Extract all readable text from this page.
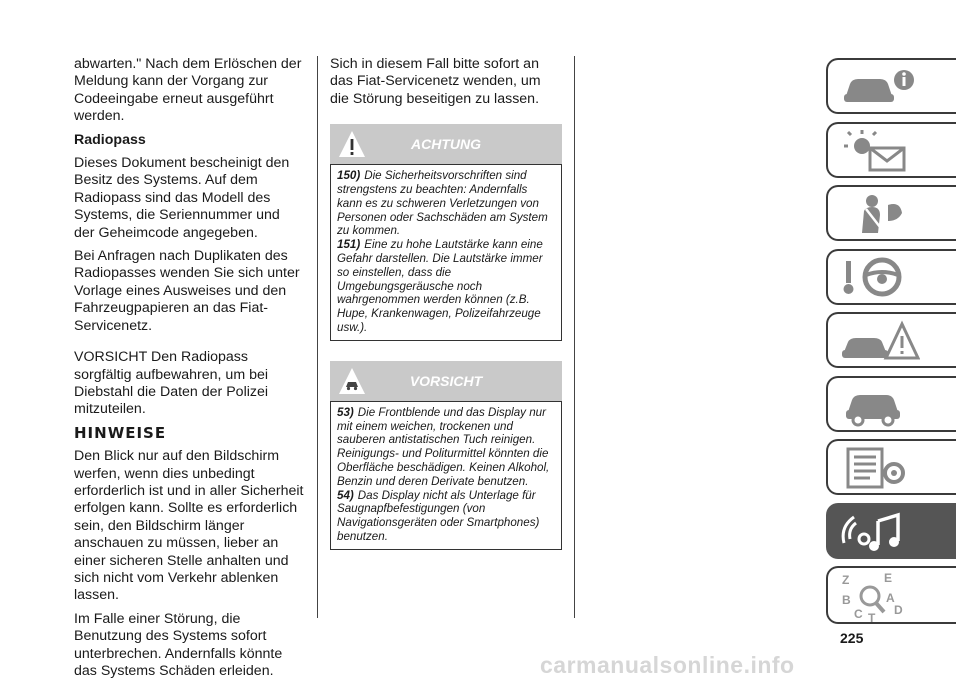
abwarten." Nach dem Erlöschen der Meldung kann der Vorgang zur Codeeingabe erneut ausgeführt werden.

Radiopass

Dieses Dokument bescheinigt den Besitz des Systems. Auf dem Radiopass sind das Modell des Systems, die Seriennummer und der Geheimcode angegeben.

Bei Anfragen nach Duplikaten des Radiopasses wenden Sie sich unter Vorlage eines Ausweises und den Fahrzeugpapieren an das Fiat-Servicenetz.

VORSICHT Den Radiopass sorgfältig aufbewahren, um bei Diebstahl die Daten der Polizei mitzuteilen.

HINWEISE

Den Blick nur auf den Bildschirm werfen, wenn dies unbedingt erforderlich ist und in aller Sicherheit erfolgen kann. Sollte es erforderlich sein, den Bildschirm länger anschauen zu müssen, lieber an einer sicheren Stelle anhalten und sich nicht vom Verkehr ablenken lassen.

Im Falle einer Störung, die Benutzung des Systems sofort unterbrechen. Andernfalls könnte das Systems Schäden erleiden.

Sich in diesem Fall bitte sofort an das Fiat-Servicenetz wenden, um die Störung beseitigen zu lassen.

ACHTUNG

150) Die Sicherheitsvorschriften sind strengstens zu beachten: Andernfalls kann es zu schweren Verletzungen von Personen oder Sachschäden am System zu kommen.

151) Eine zu hohe Lautstärke kann eine Gefahr darstellen. Die Lautstärke immer so einstellen, dass die Umgebungsgeräusche noch wahrgenommen werden können (z.B. Hupe, Krankenwagen, Polizeifahrzeuge usw.).

VORSICHT

53) Die Frontblende und das Display nur mit einem weichen, trockenen und sauberen antistatischen Tuch reinigen. Reinigungs- und Politurmittel könnten die Oberfläche beschädigen. Keinen Alkohol, Benzin und deren Derivate benutzen.

54) Das Display nicht als Unterlage für Saugnapfbefestigungen (von Navigationsgeräten oder Smartphones) benutzen.

Z	E
B	A
C	D
T
225
carmanualsonline.info
